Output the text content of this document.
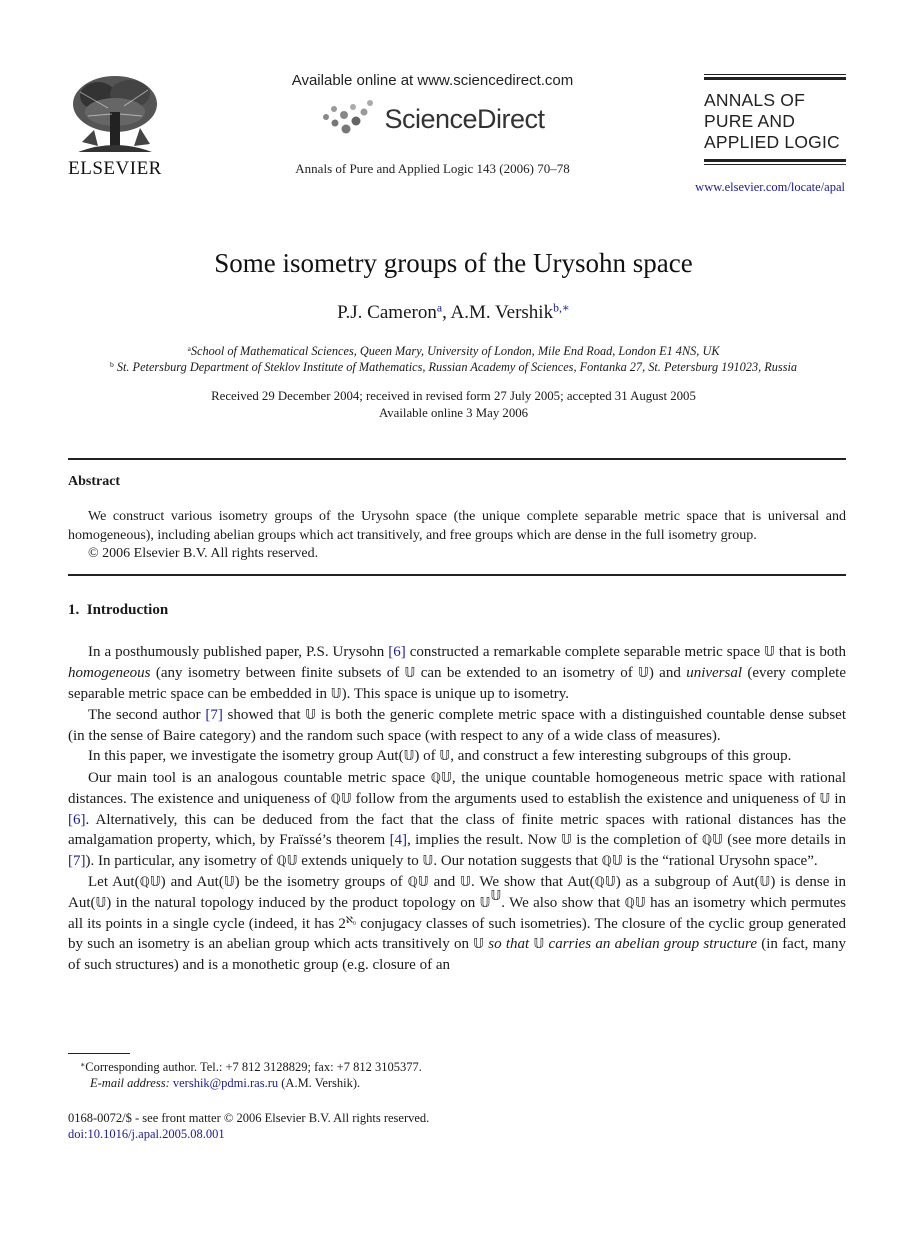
ELSEVIER
Available online at www.sciencedirect.com
ScienceDirect
Annals of Pure and Applied Logic 143 (2006) 70–78
ANNALS OF
PURE AND
APPLIED LOGIC
www.elsevier.com/locate/apal
Some isometry groups of the Urysohn space
P.J. Cameron$^a$, A.M. Vershik$^{b,∗}$
$^a$School of Mathematical Sciences, Queen Mary, University of London, Mile End Road, London E1 4NS, UK
$^b$ St. Petersburg Department of Steklov Institute of Mathematics, Russian Academy of Sciences, Fontanka 27, St. Petersburg 191023, Russia
Received 29 December 2004; received in revised form 27 July 2005; accepted 31 August 2005
Available online 3 May 2006
Abstract

We construct various isometry groups of the Urysohn space (the unique complete separable metric space that is universal and homogeneous), including abelian groups which act transitively, and free groups which are dense in the full isometry group.

© 2006 Elsevier B.V. All rights reserved.

1. Introduction

In a posthumously published paper, P.S. Urysohn [6] constructed a remarkable complete separable metric space 𝕌 that is both homogeneous (any isometry between finite subsets of 𝕌 can be extended to an isometry of 𝕌) and universal (every complete separable metric space can be embedded in 𝕌). This space is unique up to isometry.

The second author [7] showed that 𝕌 is both the generic complete metric space with a distinguished countable dense subset (in the sense of Baire category) and the random such space (with respect to any of a wide class of measures).

In this paper, we investigate the isometry group Aut(𝕌) of 𝕌, and construct a few interesting subgroups of this group.

Our main tool is an analogous countable metric space ℚ𝕌, the unique countable homogeneous metric space with rational distances. The existence and uniqueness of ℚ𝕌 follow from the arguments used to establish the existence and uniqueness of 𝕌 in [6]. Alternatively, this can be deduced from the fact that the class of finite metric spaces with rational distances has the amalgamation property, which, by Fraïssé’s theorem [4], implies the result. Now 𝕌 is the completion of ℚ𝕌 (see more details in [7]). In particular, any isometry of ℚ𝕌 extends uniquely to 𝕌. Our notation suggests that ℚ𝕌 is the “rational Urysohn space”.

Let Aut(ℚ𝕌) and Aut(𝕌) be the isometry groups of ℚ𝕌 and 𝕌. We show that Aut(ℚ𝕌) as a subgroup of Aut(𝕌) is dense in Aut(𝕌) in the natural topology induced by the product topology on 𝕌$^𝕌$. We also show that ℚ𝕌 has an isometry which permutes all its points in a single cycle (indeed, it has $2^{ℵ_0}$ conjugacy classes of such isometries). The closure of the cyclic group generated by such an isometry is an abelian group which acts transitively on 𝕌 so that 𝕌 carries an abelian group structure (in fact, many of such structures) and is a monothetic group (e.g. closure of an

∗Corresponding author. Tel.: +7 812 3128829; fax: +7 812 3105377.
E-mail address: vershik@pdmi.ras.ru (A.M. Vershik).
0168-0072/$ - see front matter © 2006 Elsevier B.V. All rights reserved.
doi:10.1016/j.apal.2005.08.001
